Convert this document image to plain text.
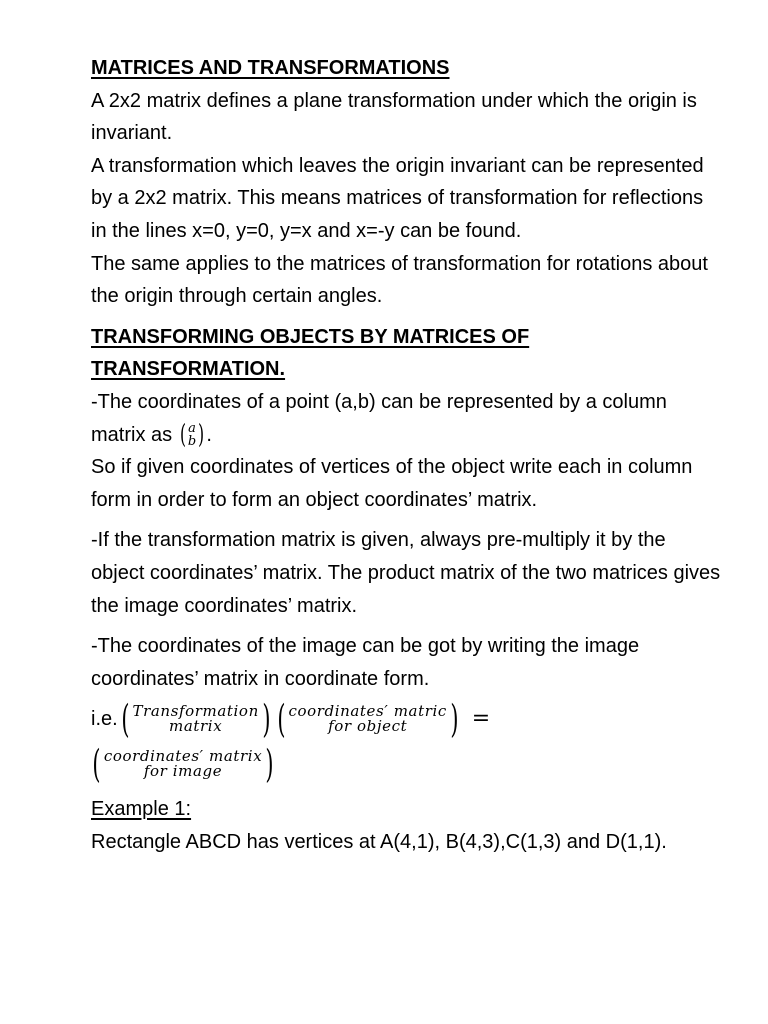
MATRICES AND TRANSFORMATIONS

A 2x2 matrix defines a plane transformation under which the origin is invariant.

A transformation which leaves the origin invariant can be represented by a 2x2 matrix. This means matrices of transformation for reflections in the lines x=0, y=0, y=x and x=-y can be found.

The same applies to the matrices of transformation for rotations about the origin through certain angles.

TRANSFORMING OBJECTS BY MATRICES OF TRANSFORMATION.

-The coordinates of a point (a,b) can be represented by a column matrix as ( a
b ) .

So if given coordinates of vertices of the object write each in column form in order to form an object coordinates’ matrix.

-If the transformation matrix is given, always pre-multiply it by the object coordinates’ matrix. The product matrix of the two matrices gives the image coordinates’ matrix.

-The coordinates of the image can be got by writing the image coordinates’ matrix in coordinate form.

i.e. ( Transformation
matrix ) ( coordinates′ matric
for object ) =
( coordinates′ matrix
for image )
Example 1:

Rectangle ABCD has vertices at A(4,1), B(4,3),C(1,3) and D(1,1).
